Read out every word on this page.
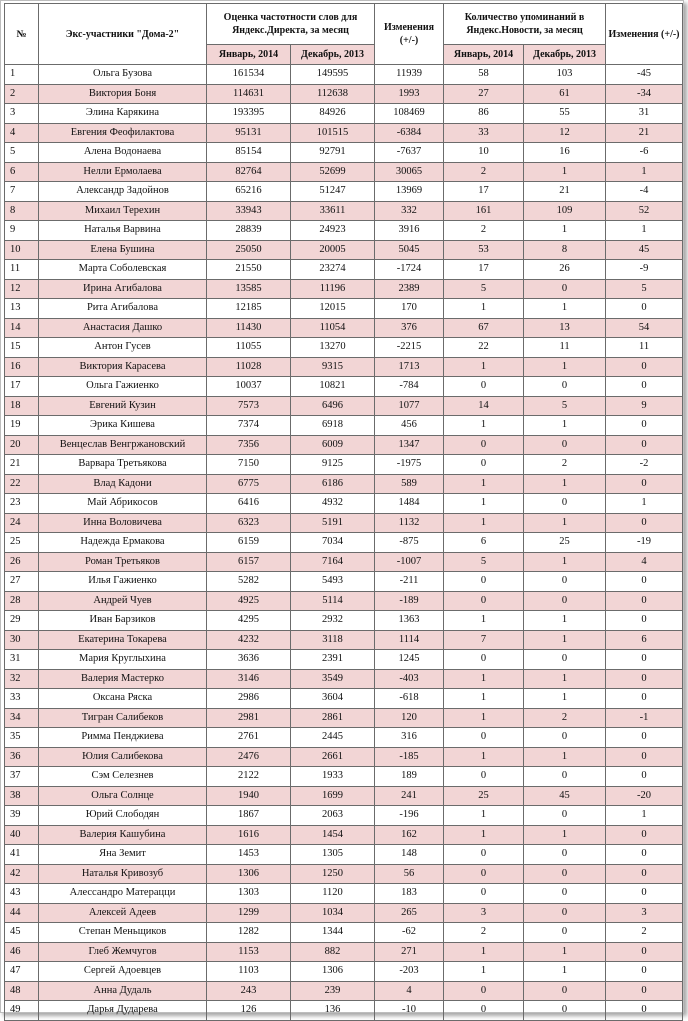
№	Экс-участники "Дома-2"	Оценка частотности слов для Яндекс.Директа, за месяц		Изменения (+/-)	Количество упоминаний в Яндекс.Новости, за месяц		Изменения (+/-)
		Январь, 2014	Декабрь, 2013		Январь, 2014	Декабрь, 2013	
1	Ольга Бузова	161534	149595	11939	58	103	-45
2	Виктория Боня	114631	112638	1993	27	61	-34
3	Элина Карякина	193395	84926	108469	86	55	31
4	Евгения Феофилактова	95131	101515	-6384	33	12	21
5	Алена Водонаева	85154	92791	-7637	10	16	-6
6	Нелли Ермолаева	82764	52699	30065	2	1	1
7	Александр Задойнов	65216	51247	13969	17	21	-4
8	Михаил Терехин	33943	33611	332	161	109	52
9	Наталья Варвина	28839	24923	3916	2	1	1
10	Елена Бушина	25050	20005	5045	53	8	45
11	Марта Соболевская	21550	23274	-1724	17	26	-9
12	Ирина Агибалова	13585	11196	2389	5	0	5
13	Рита Агибалова	12185	12015	170	1	1	0
14	Анастасия Дашко	11430	11054	376	67	13	54
15	Антон Гусев	11055	13270	-2215	22	11	11
16	Виктория Карасева	11028	9315	1713	1	1	0
17	Ольга Гажиенко	10037	10821	-784	0	0	0
18	Евгений Кузин	7573	6496	1077	14	5	9
19	Эрика Кишева	7374	6918	456	1	1	0
20	Венцеслав Венгржановский	7356	6009	1347	0	0	0
21	Варвара Третьякова	7150	9125	-1975	0	2	-2
22	Влад Кадони	6775	6186	589	1	1	0
23	Май Абрикосов	6416	4932	1484	1	0	1
24	Инна Воловичева	6323	5191	1132	1	1	0
25	Надежда Ермакова	6159	7034	-875	6	25	-19
26	Роман Третьяков	6157	7164	-1007	5	1	4
27	Илья Гажиенко	5282	5493	-211	0	0	0
28	Андрей Чуев	4925	5114	-189	0	0	0
29	Иван Барзиков	4295	2932	1363	1	1	0
30	Екатерина Токарева	4232	3118	1114	7	1	6
31	Мария Круглыхина	3636	2391	1245	0	0	0
32	Валерия Мастерко	3146	3549	-403	1	1	0
33	Оксана Ряска	2986	3604	-618	1	1	0
34	Тигран Салибеков	2981	2861	120	1	2	-1
35	Римма Пенджиева	2761	2445	316	0	0	0
36	Юлия Салибекова	2476	2661	-185	1	1	0
37	Сэм Селезнев	2122	1933	189	0	0	0
38	Ольга Солнце	1940	1699	241	25	45	-20
39	Юрий Слободян	1867	2063	-196	1	0	1
40	Валерия Кашубина	1616	1454	162	1	1	0
41	Яна Земит	1453	1305	148	0	0	0
42	Наталья Кривозуб	1306	1250	56	0	0	0
43	Алессандро Матерацци	1303	1120	183	0	0	0
44	Алексей Адеев	1299	1034	265	3	0	3
45	Степан Меньщиков	1282	1344	-62	2	0	2
46	Глеб Жемчугов	1153	882	271	1	1	0
47	Сергей Адоевцев	1103	1306	-203	1	1	0
48	Анна Дудаль	243	239	4	0	0	0
49	Дарья Дударева	126	136	-10	0	0	0
